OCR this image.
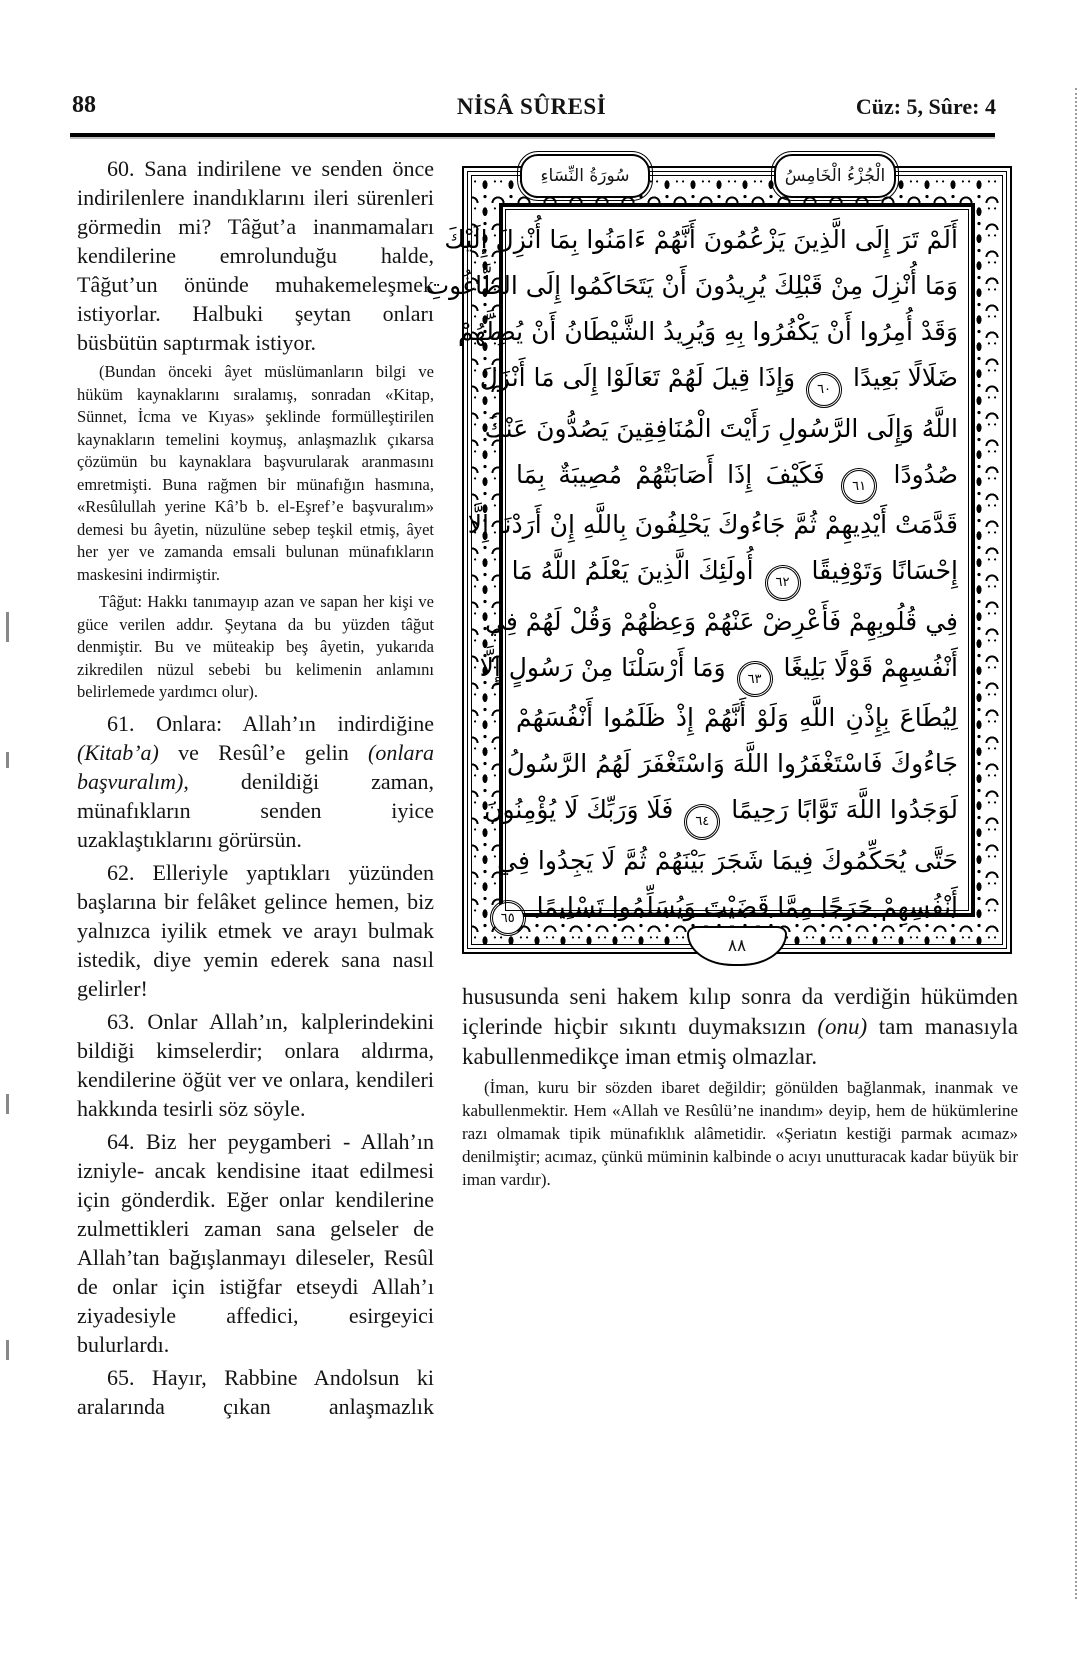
88	NİSÂ SÛRESİ	Cüz: 5, Sûre: 4

60. Sana indirilene ve senden önce indirilenlere inandıklarını ileri sürenleri görmedin mi? Tâğut’a inanmamaları kendilerine emrolunduğu halde, Tâğut’un önünde muhakemeleşmek istiyorlar. Halbuki şeytan onları büsbütün saptırmak istiyor.

(Bundan önceki âyet müslümanların bilgi ve hüküm kaynaklarını sıralamış, sonradan «Kitap, Sünnet, İcma ve Kıyas» şeklinde formülleştirilen kaynakların temelini koymuş, anlaşmazlık çıkarsa çözümün bu kaynaklara başvurularak aranmasını emretmişti. Buna rağmen bir münafığın hasmına, «Resûlullah yerine Kâ’b b. el-Eşref’e başvuralım» demesi bu âyetin, nüzulüne sebep teşkil etmiş, âyet her yer ve zamanda emsali bulunan münafıkların maskesini indirmiştir.

Tâğut: Hakkı tanımayıp azan ve sapan her kişi ve güce verilen addır. Şeytana da bu yüzden tâğut denmiştir. Bu ve müteakip beş âyetin, yukarıda zikredilen nüzul sebebi bu kelimenin anlamını belirlemede yardımcı olur).

61. Onlara: Allah’ın indirdiğine (Kitab’a) ve Resûl’e gelin (onlara başvuralım), denildiği zaman, münafıkların senden iyice uzaklaştıklarını görürsün.

62. Elleriyle yaptıkları yüzünden başlarına bir felâket gelince hemen, biz yalnızca iyilik etmek ve arayı bulmak istedik, diye yemin ederek sana nasıl gelirler!

63. Onlar Allah’ın, kalplerindekini bildiği kimselerdir; onlara aldırma, kendilerine öğüt ver ve onlara, kendileri hakkında tesirli söz söyle.

64. Biz her peygamberi - Allah’ın izniyle- ancak kendisine itaat edilmesi için gönderdik. Eğer onlar kendilerine zulmettikleri zaman sana gelseler de Allah’tan bağışlanmayı dileseler, Resûl de onlar için istiğfar etseydi Allah’ı ziyadesiyle affedici, esirgeyici bulurlardı.

65. Hayır, Rabbine Andolsun ki aralarında çıkan anlaşmazlık

أَلَمْ تَرَ إِلَى الَّذِينَ يَزْعُمُونَ أَنَّهُمْ ءَامَنُوا بِمَا أُنْزِلَ إِلَيْكَ
وَمَا أُنْزِلَ مِنْ قَبْلِكَ يُرِيدُونَ أَنْ يَتَحَاكَمُوا إِلَى الطَّاغُوتِ
وَقَدْ أُمِرُوا أَنْ يَكْفُرُوا بِهِ وَيُرِيدُ الشَّيْطَانُ أَنْ يُضِلَّهُمْ
ضَلَالًا بَعِيدًا ٦٠ وَإِذَا قِيلَ لَهُمْ تَعَالَوْا إِلَى مَا أَنْزَلَ
اللَّهُ وَإِلَى الرَّسُولِ رَأَيْتَ الْمُنَافِقِينَ يَصُدُّونَ عَنْكَ
صُدُودًا ٦١ فَكَيْفَ إِذَا أَصَابَتْهُمْ مُصِيبَةٌ بِمَا
قَدَّمَتْ أَيْدِيهِمْ ثُمَّ جَاءُوكَ يَحْلِفُونَ بِاللَّهِ إِنْ أَرَدْنَا إِلَّا
إِحْسَانًا وَتَوْفِيقًا ٦٢ أُولَئِكَ الَّذِينَ يَعْلَمُ اللَّهُ مَا
فِي قُلُوبِهِمْ فَأَعْرِضْ عَنْهُمْ وَعِظْهُمْ وَقُلْ لَهُمْ فِي
أَنْفُسِهِمْ قَوْلًا بَلِيغًا ٦٣ وَمَا أَرْسَلْنَا مِنْ رَسُولٍ إِلَّا
لِيُطَاعَ بِإِذْنِ اللَّهِ وَلَوْ أَنَّهُمْ إِذْ ظَلَمُوا أَنْفُسَهُمْ
جَاءُوكَ فَاسْتَغْفَرُوا اللَّهَ وَاسْتَغْفَرَ لَهُمُ الرَّسُولُ
لَوَجَدُوا اللَّهَ تَوَّابًا رَحِيمًا ٦٤ فَلَا وَرَبِّكَ لَا يُؤْمِنُونَ
حَتَّى يُحَكِّمُوكَ فِيمَا شَجَرَ بَيْنَهُمْ ثُمَّ لَا يَجِدُوا فِي
أَنْفُسِهِمْ حَرَجًا مِمَّا قَضَيْتَ وَيُسَلِّمُوا تَسْلِيمًا ٦٥
سُورَةُ النِّسَاءِ	الْجُزْءُ الْخَامِسُ
٨٨

hususunda seni hakem kılıp sonra da verdiğin hükümden içlerinde hiçbir sıkıntı duymaksızın (onu) tam manasıyla kabullenmedikçe iman etmiş olmazlar.

(İman, kuru bir sözden ibaret değildir; gönülden bağlanmak, inanmak ve kabullenmektir. Hem «Allah ve Resûlü’ne inandım» deyip, hem de hükümlerine razı olmamak tipik münafıklık alâmetidir. «Şeriatın kestiği parmak acımaz» denilmiştir; acımaz, çünkü müminin kalbinde o acıyı unutturacak kadar büyük bir iman vardır).
